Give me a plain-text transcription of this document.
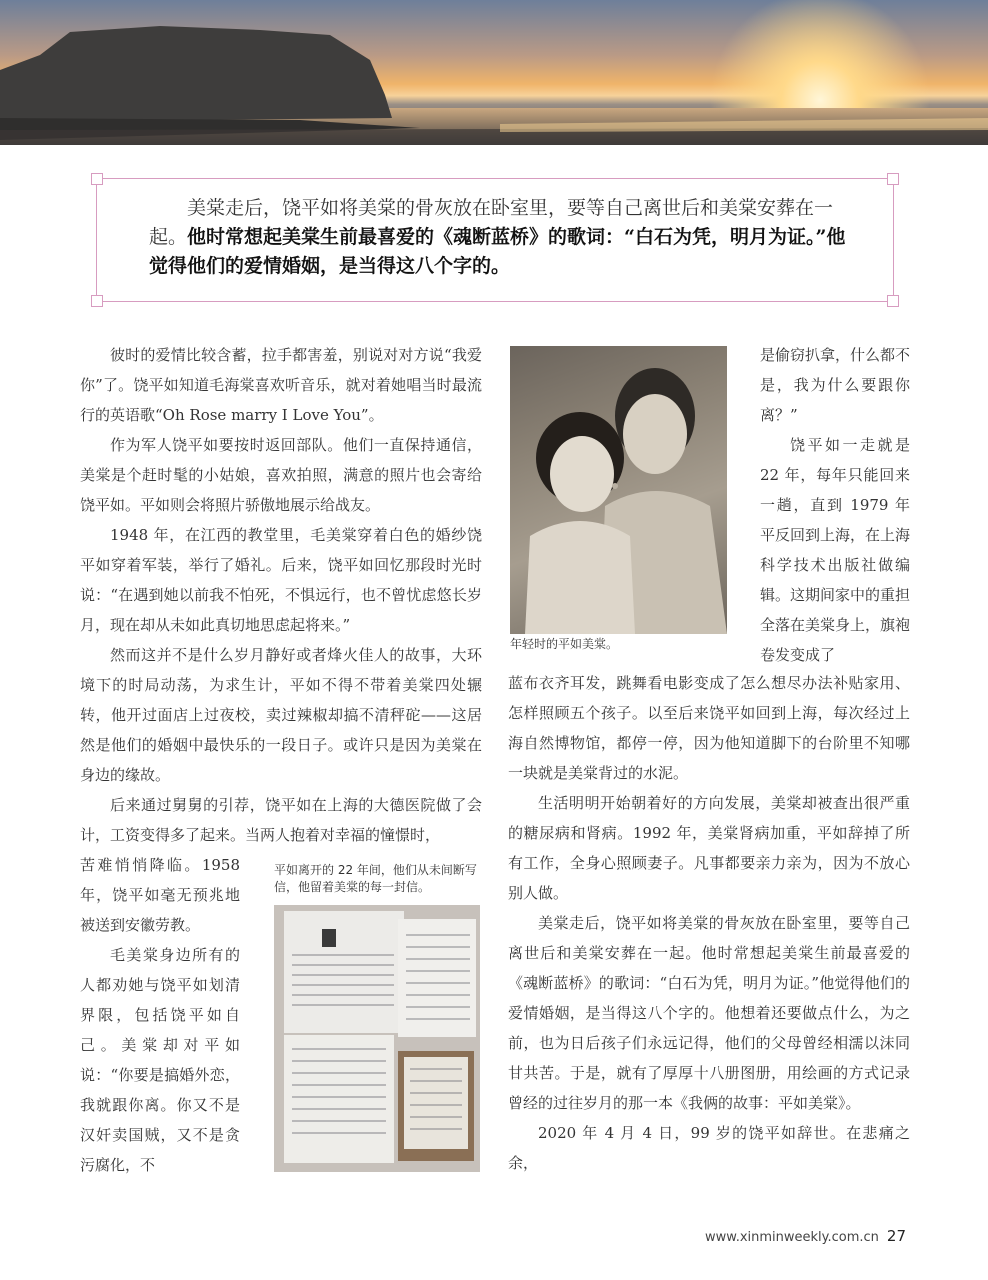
美棠走后，饶平如将美棠的骨灰放在卧室里，要等自己离世后和美棠安葬在一起。他时常想起美棠生前最喜爱的《魂断蓝桥》的歌词：“白石为凭，明月为证。”他觉得他们的爱情婚姻，是当得这八个字的。

彼时的爱情比较含蓄，拉手都害羞，别说对对方说“我爱你”了。饶平如知道毛海棠喜欢听音乐，就对着她唱当时最流行的英语歌“Oh Rose marry I Love You”。

作为军人饶平如要按时返回部队。他们一直保持通信，美棠是个赶时髦的小姑娘，喜欢拍照，满意的照片也会寄给饶平如。平如则会将照片骄傲地展示给战友。

1948 年，在江西的教堂里，毛美棠穿着白色的婚纱饶平如穿着军装，举行了婚礼。后来，饶平如回忆那段时光时说：“在遇到她以前我不怕死，不惧远行，也不曾忧虑悠长岁月，现在却从未如此真切地思虑起将来。”

然而这并不是什么岁月静好或者烽火佳人的故事，大环境下的时局动荡，为求生计，平如不得不带着美棠四处辗转，他开过面店上过夜校，卖过辣椒却搞不清秤砣——这居然是他们的婚姻中最快乐的一段日子。或许只是因为美棠在身边的缘故。

后来通过舅舅的引荐，饶平如在上海的大德医院做了会计，工资变得多了起来。当两人抱着对幸福的憧憬时，

苦难悄悄降临。1958 年，饶平如毫无预兆地被送到安徽劳教。

毛美棠身边所有的人都劝她与饶平如划清界限，包括饶平如自己。美棠却对平如说：“你要是搞婚外恋，我就跟你离。你又不是汉奸卖国贼，又不是贪污腐化，不

平如离开的 22 年间，他们从未间断写信，他留着美棠的每一封信。
年轻时的平如美棠。

是偷窃扒拿，什么都不是，我为什么要跟你离？”

饶平如一走就是 22 年，每年只能回来一趟，直到 1979 年平反回到上海，在上海科学技术出版社做编辑。这期间家中的重担全落在美棠身上，旗袍卷发变成了

蓝布衣齐耳发，跳舞看电影变成了怎么想尽办法补贴家用、怎样照顾五个孩子。以至后来饶平如回到上海，每次经过上海自然博物馆，都停一停，因为他知道脚下的台阶里不知哪一块就是美棠背过的水泥。

生活明明开始朝着好的方向发展，美棠却被查出很严重的糖尿病和肾病。1992 年，美棠肾病加重，平如辞掉了所有工作，全身心照顾妻子。凡事都要亲力亲为，因为不放心别人做。

美棠走后，饶平如将美棠的骨灰放在卧室里，要等自己离世后和美棠安葬在一起。他时常想起美棠生前最喜爱的《魂断蓝桥》的歌词：“白石为凭，明月为证。”他觉得他们的爱情婚姻，是当得这八个字的。他想着还要做点什么，为之前，也为日后孩子们永远记得，他们的父母曾经相濡以沫同甘共苦。于是，就有了厚厚十八册图册，用绘画的方式记录曾经的过往岁月的那一本《我俩的故事：平如美棠》。

2020 年 4 月 4 日，99 岁的饶平如辞世。在悲痛之余，

www.xinminweekly.com.cn 27
